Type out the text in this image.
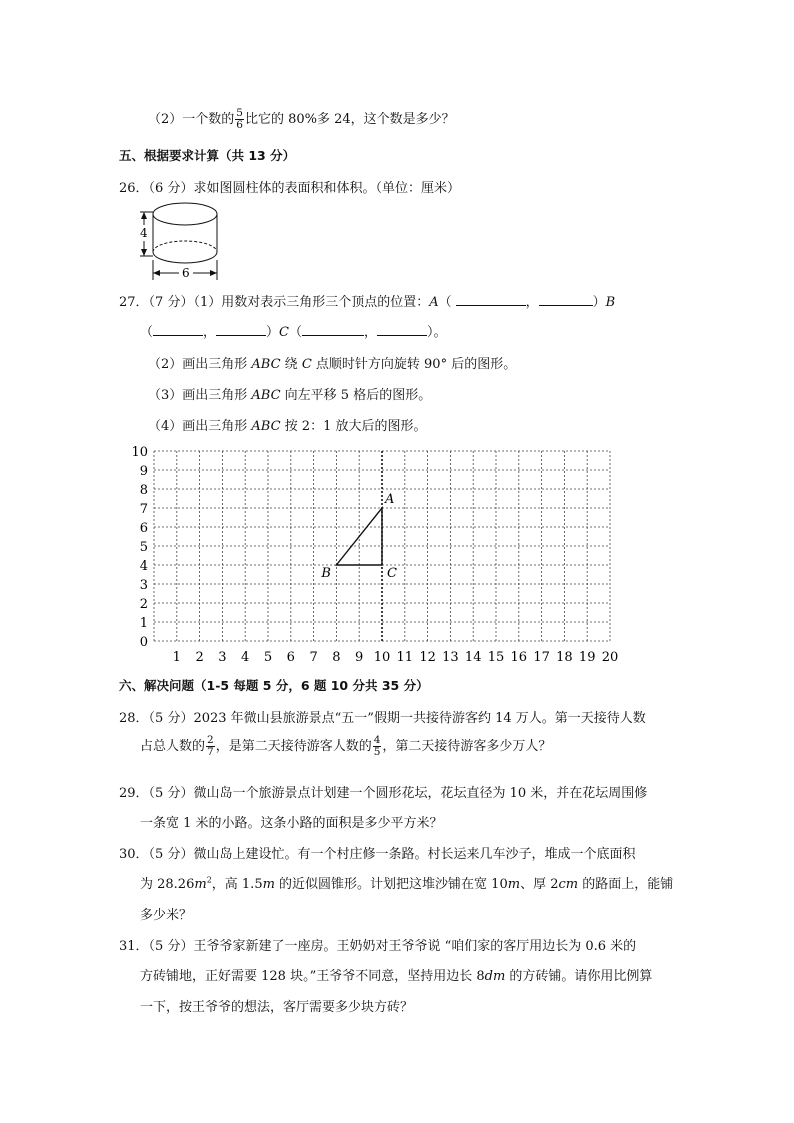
（2）一个数的 $\frac{5}{6}$ 比它的 80%多 24，这个数是多少？
五、根据要求计算（共 13 分）
26．（6 分）求如图圆柱体的表面积和体积。（单位：厘米）
4
6
27．（7 分）（1）用数对表示三角形三个顶点的位置：A（	，	）B
（	，	）C（	，	）。
（2）画出三角形 ABC 绕 C 点顺时针方向旋转 90° 后的图形。
（3）画出三角形 ABC 向左平移 5 格后的图形。
（4）画出三角形 ABC 按 2：1 放大后的图形。
1 2 3 4 5 6 7 8 9 10 11 12 13 14 15 16 17 18 19 20
0
1
2
3
4
5
6
7
8
9
10
A
B	C
六、解决问题（1-5 每题 5 分，6 题 10 分共 35 分）
28．（5 分）2023 年微山县旅游景点“五一”假期一共接待游客约 14 万人。第一天接待人数
占总人数的 $\frac{2}{7}$ ，是第二天接待游客人数的 $\frac{4}{5}$ ，第二天接待游客多少万人？
29．（5 分）微山岛一个旅游景点计划建一个圆形花坛，花坛直径为 10 米，并在花坛周围修
一条宽 1 米的小路。这条小路的面积是多少平方米？
30．（5 分）微山岛上建设忙。有一个村庄修一条路。村长运来几车沙子，堆成一个底面积
为 $28.26m^2$，高 1.5m 的近似圆锥形。计划把这堆沙铺在宽 10m、厚 2cm 的路面上，能铺
多少米？
31．（5 分）王爷爷家新建了一座房。王奶奶对王爷爷说 “咱们家的客厅用边长为 0.6 米的
方砖铺地，正好需要 128 块。”王爷爷不同意，坚持用边长 8dm 的方砖铺。请你用比例算
一下，按王爷爷的想法，客厅需要多少块方砖？
